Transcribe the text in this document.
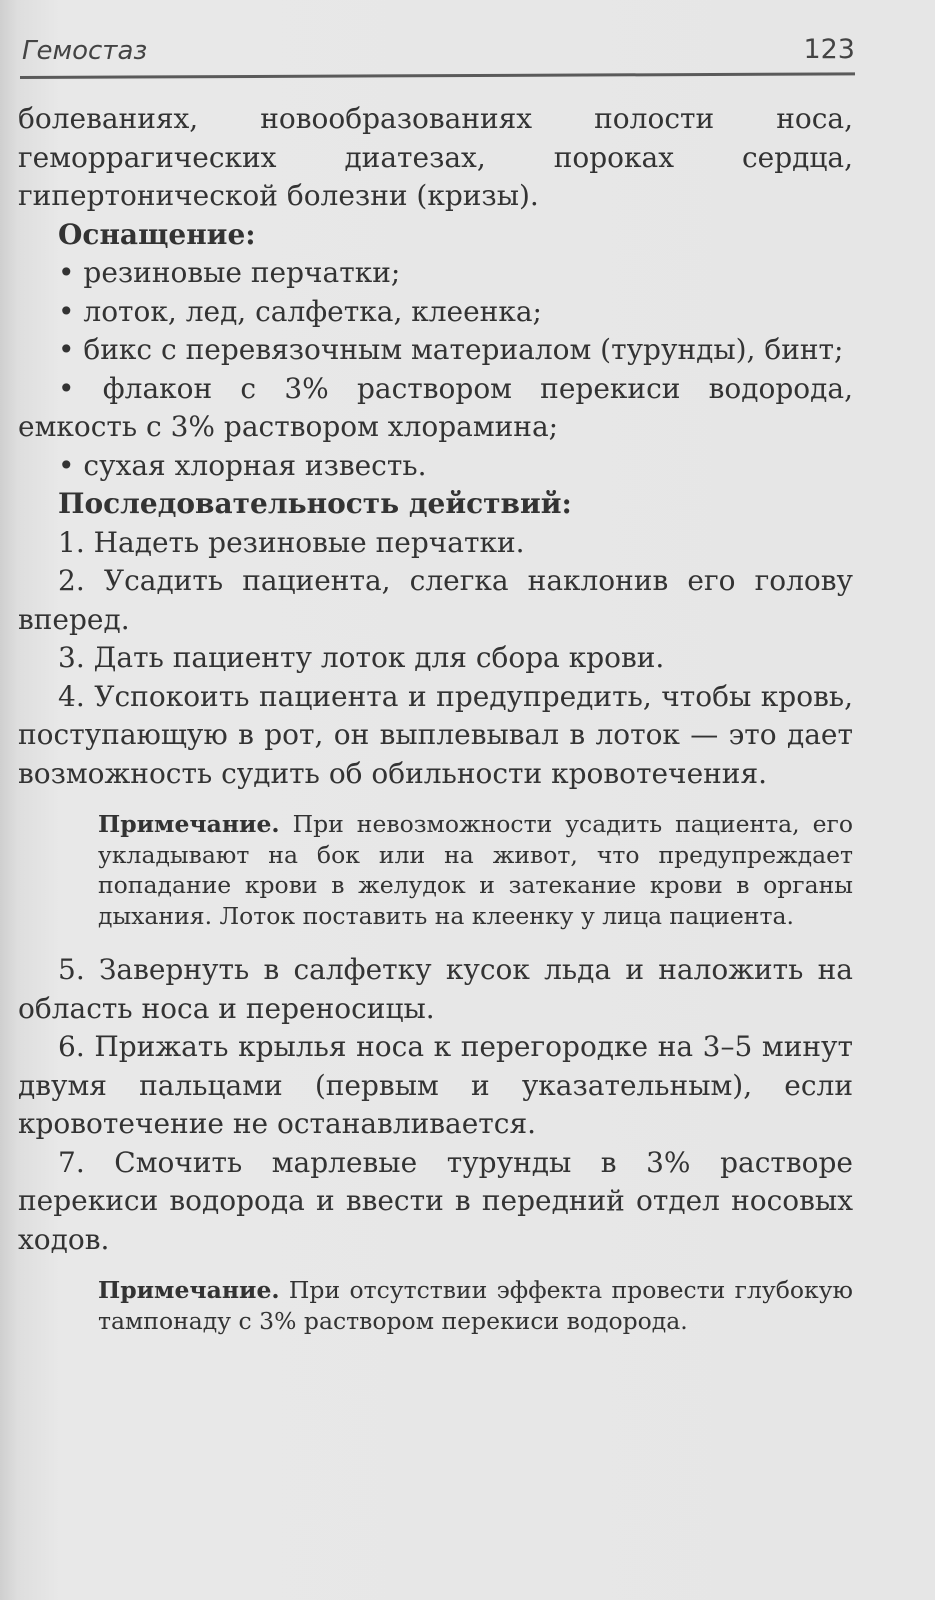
Гемостаз	123

болеваниях, новообразованиях полости носа, геморрагических диатезах, пороках сердца, гипертонической болезни (кризы).

Оснащение:

• резиновые перчатки;

• лоток, лед, салфетка, клеенка;

• бикс с перевязочным материалом (турунды), бинт;

• флакон с 3% раствором перекиси водорода, емкость с 3% раствором хлорамина;

• сухая хлорная известь.

Последовательность действий:

1. Надеть резиновые перчатки.

2. Усадить пациента, слегка наклонив его голову вперед.

3. Дать пациенту лоток для сбора крови.

4. Успокоить пациента и предупредить, чтобы кровь, поступающую в рот, он выплевывал в лоток — это дает возможность судить об обильности кровотечения.

Примечание. При невозможности усадить пациента, его укладывают на бок или на живот, что предупреждает попадание крови в желудок и затекание крови в органы дыхания. Лоток поставить на клеенку у лица пациента.

5. Завернуть в салфетку кусок льда и наложить на область носа и переносицы.

6. Прижать крылья носа к перегородке на 3–5 минут двумя пальцами (первым и указательным), если кровотечение не останавливается.

7. Смочить марлевые турунды в 3% растворе перекиси водорода и ввести в передний отдел носовых ходов.

Примечание. При отсутствии эффекта провести глубокую тампонаду с 3% раствором перекиси водорода.
